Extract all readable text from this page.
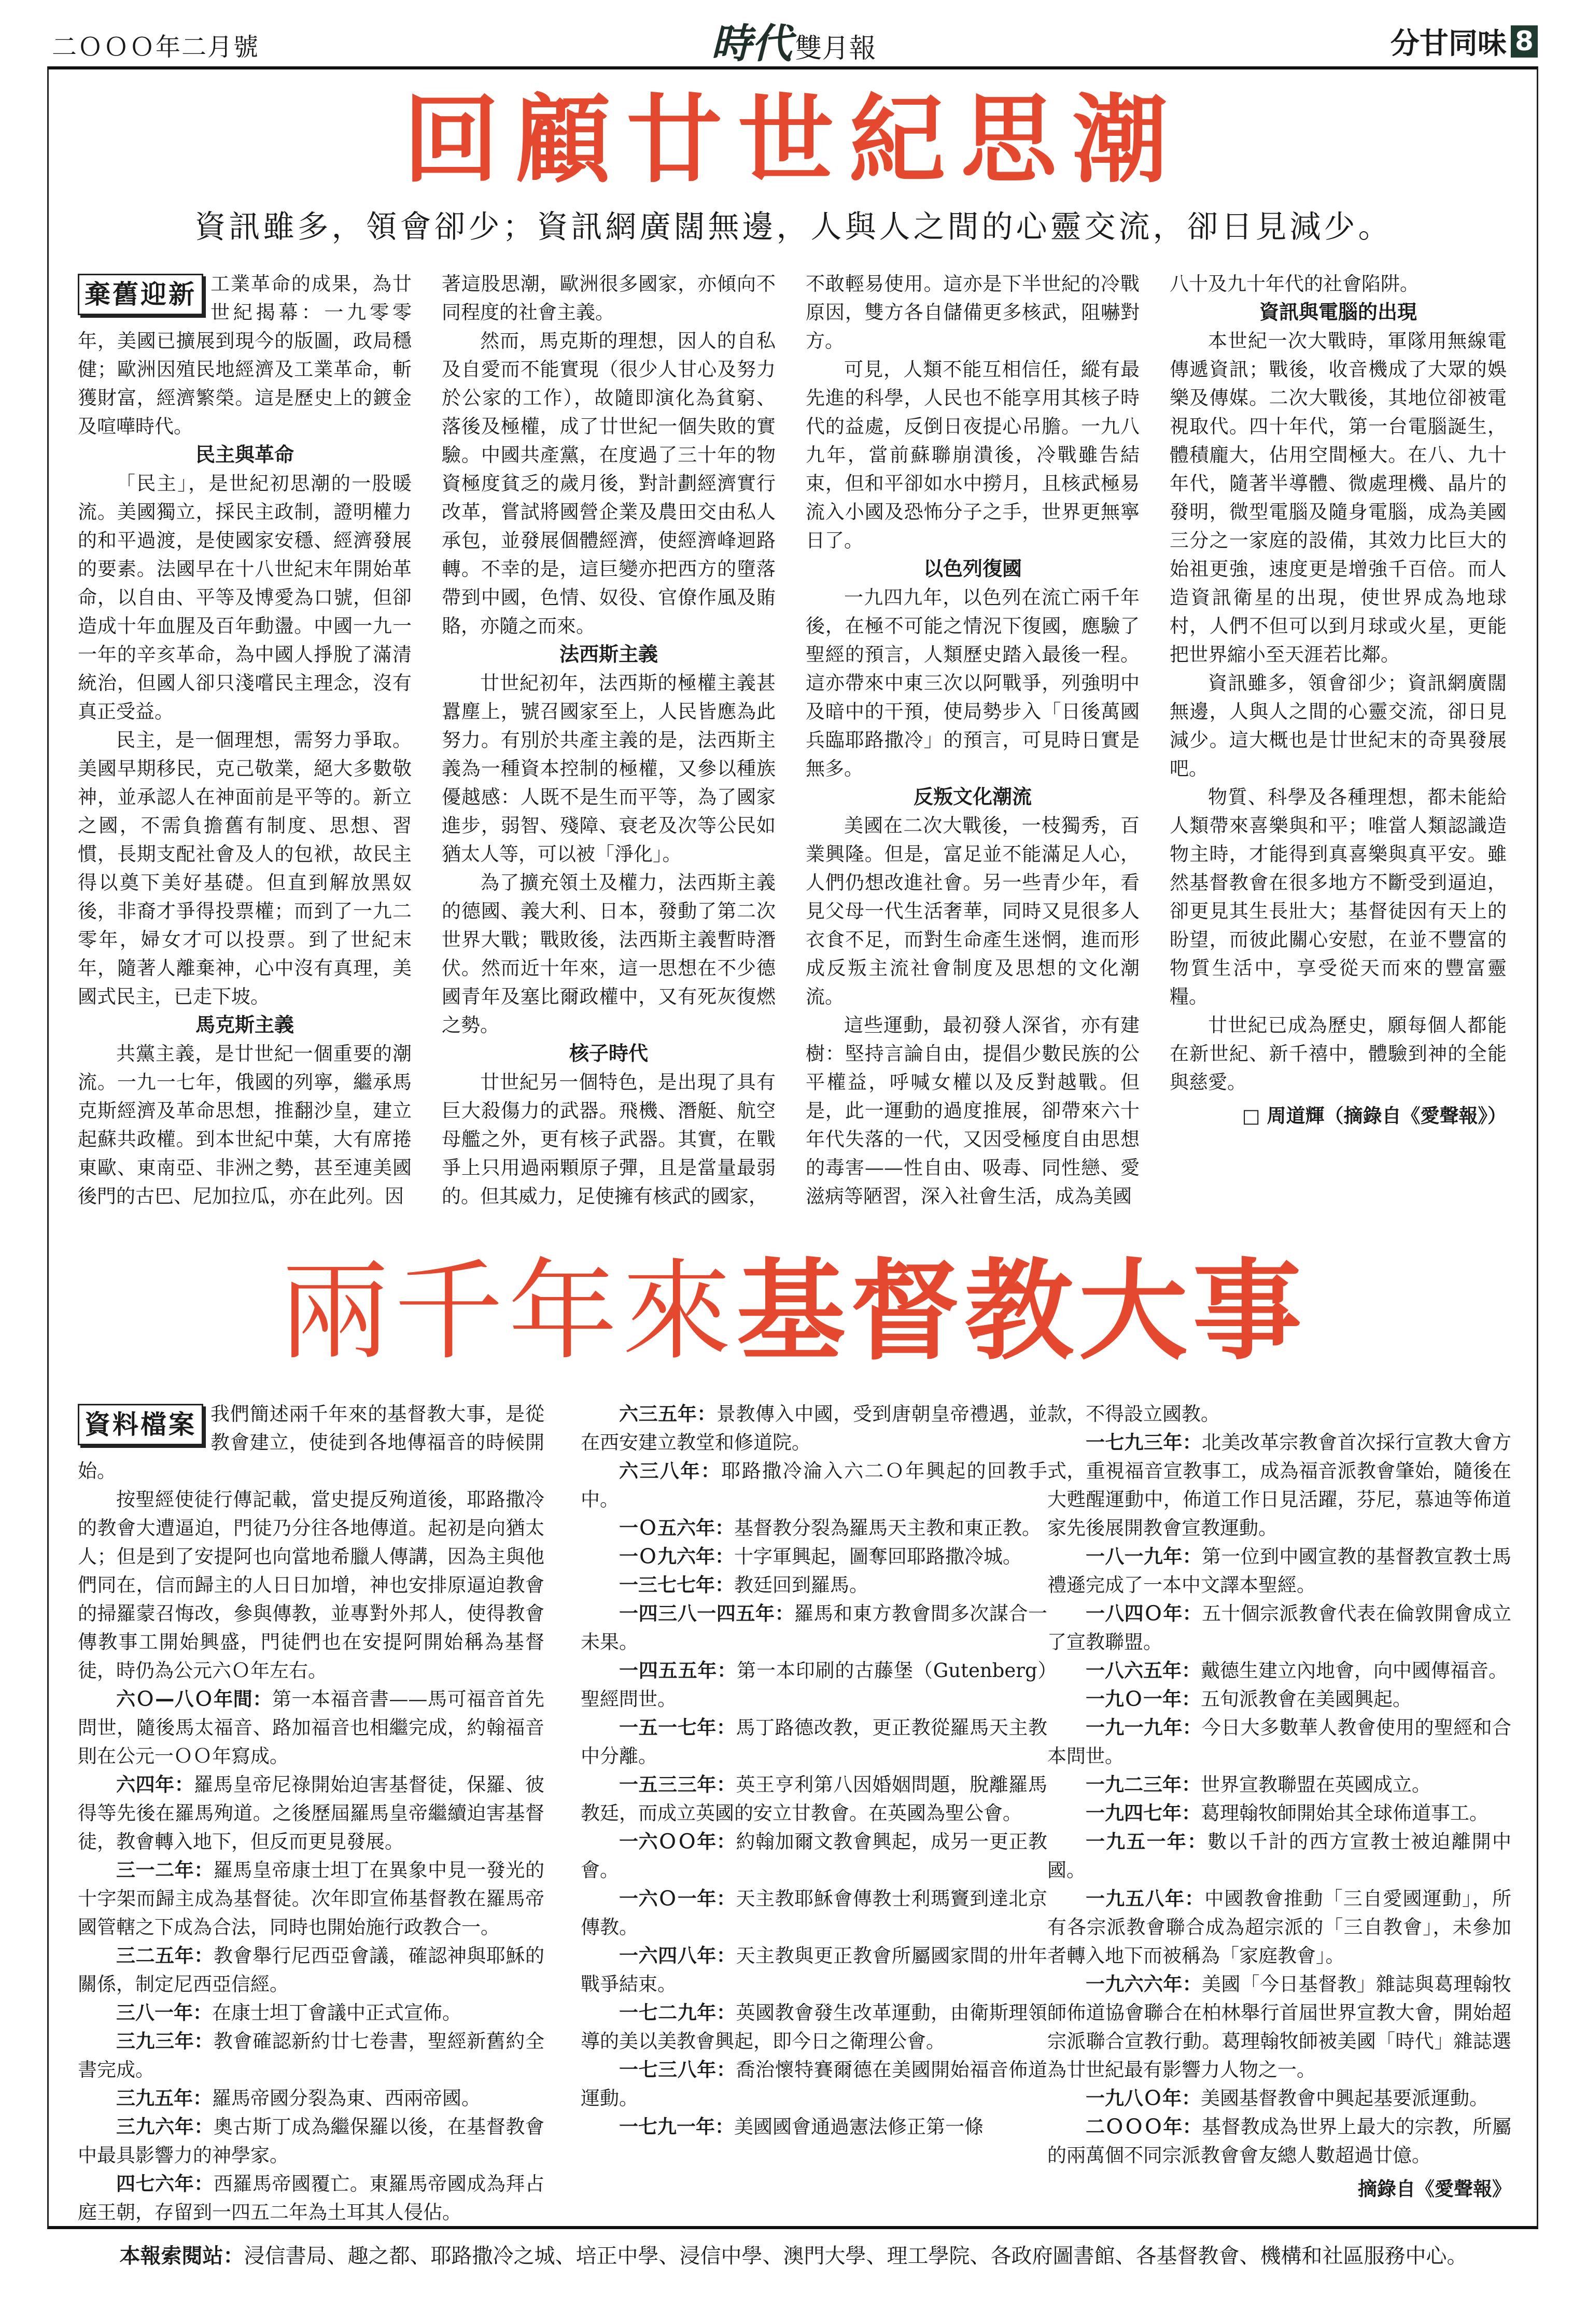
二ＯＯＯ年二月號	時代 雙月報	分甘同味 8
回顧廿世紀思潮
資訊雖多，領會卻少；資訊網廣闊無邊，人與人之間的心靈交流，卻日見減少。
棄舊迎新 工業革命的成果，為廿世紀揭幕：一九零零年，美國已擴展到現今的版圖，政局穩健；歐洲因殖民地經濟及工業革命，斬獲財富，經濟繁榮。這是歷史上的鍍金及喧嘩時代。

民主與革命

「民主」，是世紀初思潮的一股暖流。美國獨立，採民主政制，證明權力的和平過渡，是使國家安穩、經濟發展的要素。法國早在十八世紀末年開始革命，以自由、平等及博愛為口號，但卻造成十年血腥及百年動盪。中國一九一一年的辛亥革命，為中國人掙脫了滿清統治，但國人卻只淺嚐民主理念，沒有真正受益。

民主，是一個理想，需努力爭取。美國早期移民，克己敬業，絕大多數敬神，並承認人在神面前是平等的。新立之國，不需負擔舊有制度、思想、習慣，長期支配社會及人的包袱，故民主得以奠下美好基礎。但直到解放黑奴後，非裔才爭得投票權；而到了一九二零年，婦女才可以投票。到了世紀末年，隨著人離棄神，心中沒有真理，美國式民主，已走下坡。

馬克斯主義

共黨主義，是廿世紀一個重要的潮流。一九一七年，俄國的列寧，繼承馬克斯經濟及革命思想，推翻沙皇，建立起蘇共政權。到本世紀中葉，大有席捲東歐、東南亞、非洲之勢，甚至連美國後門的古巴、尼加拉瓜，亦在此列。因

著這股思潮，歐洲很多國家，亦傾向不同程度的社會主義。

然而，馬克斯的理想，因人的自私及自愛而不能實現（很少人甘心及努力於公家的工作），故隨即演化為貧窮、落後及極權，成了廿世紀一個失敗的實驗。中國共產黨，在度過了三十年的物資極度貧乏的歲月後，對計劃經濟實行改革，嘗試將國營企業及農田交由私人承包，並發展個體經濟，使經濟峰迴路轉。不幸的是，這巨變亦把西方的墮落帶到中國，色情、奴役、官僚作風及賄賂，亦隨之而來。

法西斯主義

廿世紀初年，法西斯的極權主義甚囂塵上，號召國家至上，人民皆應為此努力。有別於共產主義的是，法西斯主義為一種資本控制的極權，又參以種族優越感：人既不是生而平等，為了國家進步，弱智、殘障、衰老及次等公民如猶太人等，可以被「淨化」。

為了擴充領土及權力，法西斯主義的德國、義大利、日本，發動了第二次世界大戰；戰敗後，法西斯主義暫時潛伏。然而近十年來，這一思想在不少德國青年及塞比爾政權中，又有死灰復燃之勢。

核子時代

廿世紀另一個特色，是出現了具有巨大殺傷力的武器。飛機、潛艇、航空母艦之外，更有核子武器。其實，在戰爭上只用過兩顆原子彈，且是當量最弱的。但其威力，足使擁有核武的國家，

不敢輕易使用。這亦是下半世紀的冷戰原因，雙方各自儲備更多核武，阻嚇對方。

可見，人類不能互相信任，縱有最先進的科學，人民也不能享用其核子時代的益處，反倒日夜提心吊膽。一九八九年，當前蘇聯崩潰後，冷戰雖告結束，但和平卻如水中撈月，且核武極易流入小國及恐怖分子之手，世界更無寧日了。

以色列復國

一九四九年，以色列在流亡兩千年後，在極不可能之情況下復國，應驗了聖經的預言，人類歷史踏入最後一程。這亦帶來中東三次以阿戰爭，列強明中及暗中的干預，使局勢步入「日後萬國兵臨耶路撒冷」的預言，可見時日實是無多。

反叛文化潮流

美國在二次大戰後，一枝獨秀，百業興隆。但是，富足並不能滿足人心，人們仍想改進社會。另一些青少年，看見父母一代生活奢華，同時又見很多人衣食不足，而對生命產生迷惘，進而形成反叛主流社會制度及思想的文化潮流。

這些運動，最初發人深省，亦有建樹：堅持言論自由，提倡少數民族的公平權益，呼喊女權以及反對越戰。但是，此一運動的過度推展，卻帶來六十年代失落的一代，又因受極度自由思想的毒害——性自由、吸毒、同性戀、愛滋病等陋習，深入社會生活，成為美國

八十及九十年代的社會陷阱。

資訊與電腦的出現

本世紀一次大戰時，軍隊用無線電傳遞資訊；戰後，收音機成了大眾的娛樂及傳媒。二次大戰後，其地位卻被電視取代。四十年代，第一台電腦誕生，體積龐大，佔用空間極大。在八、九十年代，隨著半導體、微處理機、晶片的發明，微型電腦及隨身電腦，成為美國三分之一家庭的設備，其效力比巨大的始祖更強，速度更是增強千百倍。而人造資訊衛星的出現，使世界成為地球村，人們不但可以到月球或火星，更能把世界縮小至天涯若比鄰。

資訊雖多，領會卻少；資訊網廣闊無邊，人與人之間的心靈交流，卻日見減少。這大概也是廿世紀末的奇異發展吧。

物質、科學及各種理想，都未能給人類帶來喜樂與和平；唯當人類認識造物主時，才能得到真喜樂與真平安。雖然基督教會在很多地方不斷受到逼迫，卻更見其生長壯大；基督徒因有天上的盼望，而彼此關心安慰，在並不豐富的物質生活中，享受從天而來的豐富靈糧。

廿世紀已成為歷史，願每個人都能在新世紀、新千禧中，體驗到神的全能與慈愛。

□ 周道輝（摘錄自《愛聲報》）

兩千年來基督教大事
資料檔案 我們簡述兩千年來的基督教大事，是從教會建立，使徒到各地傳福音的時候開始。

按聖經使徒行傳記載，當史提反殉道後，耶路撒冷的教會大遭逼迫，門徒乃分往各地傳道。起初是向猶太人；但是到了安提阿也向當地希臘人傳講，因為主與他們同在，信而歸主的人日日加增，神也安排原逼迫教會的掃羅蒙召悔改，參與傳教，並專對外邦人，使得教會傳教事工開始興盛，門徒們也在安提阿開始稱為基督徒，時仍為公元六Ｏ年左右。

六Ｏ—八Ｏ年間：第一本福音書——馬可福音首先問世，隨後馬太福音、路加福音也相繼完成，約翰福音則在公元一ＯＯ年寫成。

六四年：羅馬皇帝尼祿開始迫害基督徒，保羅、彼得等先後在羅馬殉道。之後歷屆羅馬皇帝繼續迫害基督徒，教會轉入地下，但反而更見發展。

三一二年：羅馬皇帝康士坦丁在異象中見一發光的十字架而歸主成為基督徒。次年即宣佈基督教在羅馬帝國管轄之下成為合法，同時也開始施行政教合一。

三二五年：教會舉行尼西亞會議，確認神與耶穌的關係，制定尼西亞信經。

三八一年：在康士坦丁會議中正式宣佈。

三九三年：教會確認新約廿七卷書，聖經新舊約全書完成。

三九五年：羅馬帝國分裂為東、西兩帝國。

三九六年：奧古斯丁成為繼保羅以後，在基督教會中最具影響力的神學家。

四七六年：西羅馬帝國覆亡。東羅馬帝國成為拜占庭王朝，存留到一四五二年為土耳其人侵佔。

六三五年：景教傳入中國，受到唐朝皇帝禮遇，並在西安建立教堂和修道院。

六三八年：耶路撒冷淪入六二Ｏ年興起的回教手中。

一Ｏ五六年：基督教分裂為羅馬天主教和東正教。

一Ｏ九六年：十字軍興起，圖奪回耶路撒冷城。

一三七七年：教廷回到羅馬。

一四三八一四五年：羅馬和東方教會間多次謀合一未果。

一四五五年：第一本印刷的古藤堡（Gutenberg）聖經問世。

一五一七年：馬丁路德改教，更正教從羅馬天主教中分離。

一五三三年：英王亨利第八因婚姻問題，脫離羅馬教廷，而成立英國的安立甘教會。在英國為聖公會。

一六ＯＯ年：約翰加爾文教會興起，成另一更正教會。

一六Ｏ一年：天主教耶穌會傳教士利瑪竇到達北京傳教。

一六四八年：天主教與更正教會所屬國家間的卅年戰爭結束。

一七二九年：英國教會發生改革運動，由衛斯理領導的美以美教會興起，即今日之衛理公會。

一七三八年：喬治懷特賽爾德在美國開始福音佈道運動。

一七九一年：美國國會通過憲法修正第一條

款，不得設立國教。

一七九三年：北美改革宗教會首次採行宣教大會方式，重視福音宣教事工，成為福音派教會肇始，隨後在大甦醒運動中，佈道工作日見活躍，芬尼，慕迪等佈道家先後展開教會宣教運動。

一八一九年：第一位到中國宣教的基督教宣教士馬禮遜完成了一本中文譯本聖經。

一八四Ｏ年：五十個宗派教會代表在倫敦開會成立了宣教聯盟。

一八六五年：戴德生建立內地會，向中國傳福音。

一九Ｏ一年：五旬派教會在美國興起。

一九一九年：今日大多數華人教會使用的聖經和合本問世。

一九二三年：世界宣教聯盟在英國成立。

一九四七年：葛理翰牧師開始其全球佈道事工。

一九五一年：數以千計的西方宣教士被迫離開中國。

一九五八年：中國教會推動「三自愛國運動」，所有各宗派教會聯合成為超宗派的「三自教會」，未參加者轉入地下而被稱為「家庭教會」。

一九六六年：美國「今日基督教」雜誌與葛理翰牧師佈道協會聯合在柏林舉行首屆世界宣教大會，開始超宗派聯合宣教行動。葛理翰牧師被美國「時代」雜誌選為廿世紀最有影響力人物之一。

一九八Ｏ年：美國基督教會中興起基要派運動。

二ＯＯＯ年：基督教成為世界上最大的宗教，所屬的兩萬個不同宗派教會會友總人數超過廿億。

摘錄自《愛聲報》

本報索閱站：浸信書局、趣之都、耶路撒冷之城、培正中學、浸信中學、澳門大學、理工學院、各政府圖書館、各基督教會、機構和社區服務中心。
